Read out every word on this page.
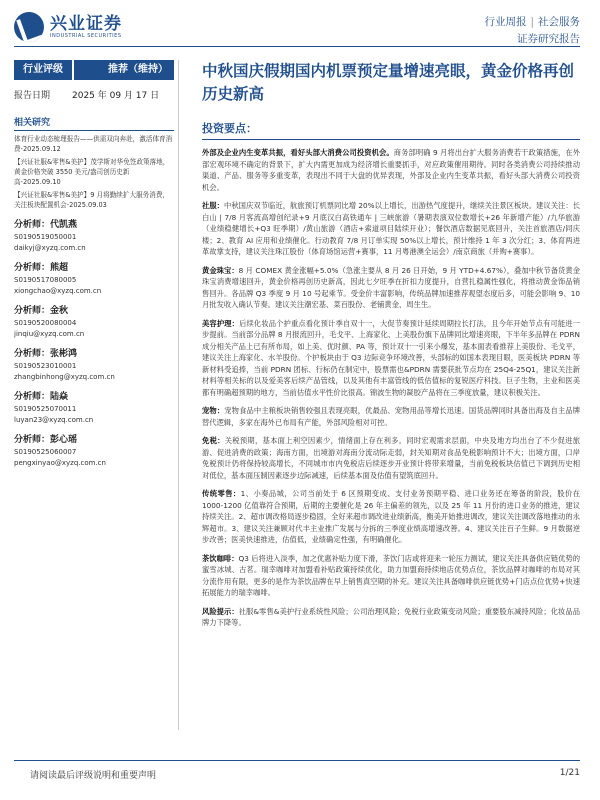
兴业证券
INDUSTRIAL SECURITIES
行业周报 | 社会服务
证券研究报告
行业评级	推荐（维持）
报告日期	2025 年 09 月 17 日
相关研究
体育行业动态梳理报告——供需双向奔赴，激活体育消费-2025.09.12
【兴证社服&零售&美护】茂学斯对华免签政策落地，黄金价格突破 3550 美元/盎司创历史新高-2025.09.10
【兴证社服&零售&美护】9 月将勤续扩大服务消费，关注板块配置机会-2025.09.03
分析师：代凯燕
S0190519050001
daikyj@xyzq.com.cn
分析师：熊超
S0190517080005
xiongchao@xyzq.com.cn
分析师：金秋
S0190520080004
jinqiu@xyzq.com.cn
分析师：张彬鸿
S0190523010001
zhangbinhong@xyzq.com.cn
分析师：陆焱
S0190525070011
luyan23@xyzq.com.cn
分析师：彭心瑶
S0190525060007
pengxinyao@xyzq.com.cn
中秋国庆假期国内机票预定量增速亮眼，黄金价格再创历史新高
投资要点：
外部及企业内生变革共振，看好头部大消费公司投资机会。商务部明确 9 月将出台扩大服务消费若干政策措施，在外部宏观环境不确定的背景下，扩大内需更加成为经济增长重要抓手，对应政策催用期待。同时各类消费公司持续推动渠道、产品、服务等多重变革，表现出不同于大盘的优异表现，外部及企业内生变革共振，看好头部大消费公司投资机会。
社服：中秋国庆双节临近，航旅预订机票同比增 20%以上增长，出游热气度提升，继续关注景区板块。建议关注：长白山 | 7/8 月客流高增创纪录+9 月底汉白高铁通车 | 三峡旅游（暑期表演双位数增长+26 年新增产能）/九华旅游（业绩稳健增长+Q3 旺季期）/黄山旅游（酒店+索道项目陆续开业）；餐饮酒店数据见底回升，关注首旅酒店/同庆楼；2、教育 AI 应用和业绩催化。行动教育 7/8 月订单实现 50%以上增长，预计维持 1 年 3 次分红；3、体育两进革故掌支持，建议关注珠江股份（体育场馆运营+赛事，11 月粤港澳全运会）/南京商旅（并购+赛事）。
黄金珠宝：8 月 COMEX 黄金涨幅+5.0%（急涨主要从 8 月 26 日开始，9 月 YTD+4.67%），叠加中秋节备货黄金珠宝消费增速回升，黄金价格再创历史新高，因此七夕旺季在折扣力度提升，自营扎稳属性强化，将推动黄金饰品销售回升。各品牌 Q3 季度 9 月 10 号起乘节。受金价丰富影响，传统品牌加速推荐观望态度后多，可能会影响 9、10 月批发收入确认节奏。建议关注潮宏基、菜百股份、老铺黄金、周生生。
美容护理：后续化妆品个护重点看化预计季自双十一，大促节奏预计延续周期拉长打法，且今年开始节点有可能进一步提前。当前部分品牌 8 月报流回升，毛戈平、上海家化、上美股份旗下品牌同比增速亮眼，下半年多品牌在 PDRN 成分相关产品上已有所布局，如上美、优时颜、PA 等，预计双十一引来小爆发，基本面表看推荐上美股份、毛戈平，建议关注上海家化、水羊股份。个护板块由于 Q3 边际竞争环境改善，头部标的如国本表现目眼，医美板块 PDRN 等新材料受追捧，当前 PDRN 团标、行标仍在制定中，股票需也&PDRN 需要获批节点均在 25Q4-25Q1，建议关注新材料等相关标的以及爱美客后续产品管线，以及其他有丰富管线的低估值标的复锐医疗科技。巨子生物，主业和医美都有明确超预期的地方，当前估值水平性价比很高。锦波生物的凝胶产品将在三季度放量，建议积极关注。
宠物：宠物食品中主粮板块销售较强且表现亮眼，优最品、宠物用品等增长迅速。国货品牌同时具备出海及自主品牌替代逻辑，多家在海外已布局有产能，外部风险相对可控。
免税：关税预期，基本面上利空因素少，情绪面上存在利多。同时宏观需求层面，中央及地方均出台了不少促进旅游、促进消费的政策；海南方面，出境游对海南分流动际走弱，封关知期对食品免税影响预计不大；出境方面，口岸免税预计仍将保持较高增长，不同城市市内免税店后续逐步开业预计将带来增量，当前免税板块估值已下调到历史相对低位，基本面压制因素逐步边际减速，后续基本面及估值有望筑底回升。
传统零售：1、小奏品城，公司当前处于 6 区预期变成、支付业务预期平稳、进口业务还在筹备的阶段，股价在 1000-1200 亿值靠符合预期，后期的主要催化是 26 年主偏差的领先，以及 25 年 11 月份的进口业务的推进，建议持续关注。2、超市调改格局逐步稳固，全好来超市调改进业绩新高，衡美开始推进调改，建议关注调改落地推动的永辉超市。3、建议关注兼顾对代丰主业推广发展与分拆的三季度业绩高增速改善。4、建议关注百子生鲜。9 月数据逆步改善；医美快速推进，估值低，业绩确定性强，有明确催化。
茶饮咖啡：Q3 后将进入淡季，加之优惠补贴力度下滑，茶饮门店或将迎来一轮压力测试，建议关注具备供应链优势的蜜雪冰城、古茗。瑞幸咖啡对加盟看补贴政策持续优化，助力加盟商持续地店优势点位，茶饮品牌对咖啡的布局对其分流作用有限，更多的是作为茶饮品牌在早上销售真空期的补充。建议关注具备咖啡供应链优势+门店点位优势+快速拓展能力的瑞幸咖啡。
风险提示：社服&零售&美护行业系统性风险；公司治理风险；免税行业政策变动风险；重要股东减持风险；化妆品品牌力下降等。
请阅读最后评级说明和重要声明	1/21
